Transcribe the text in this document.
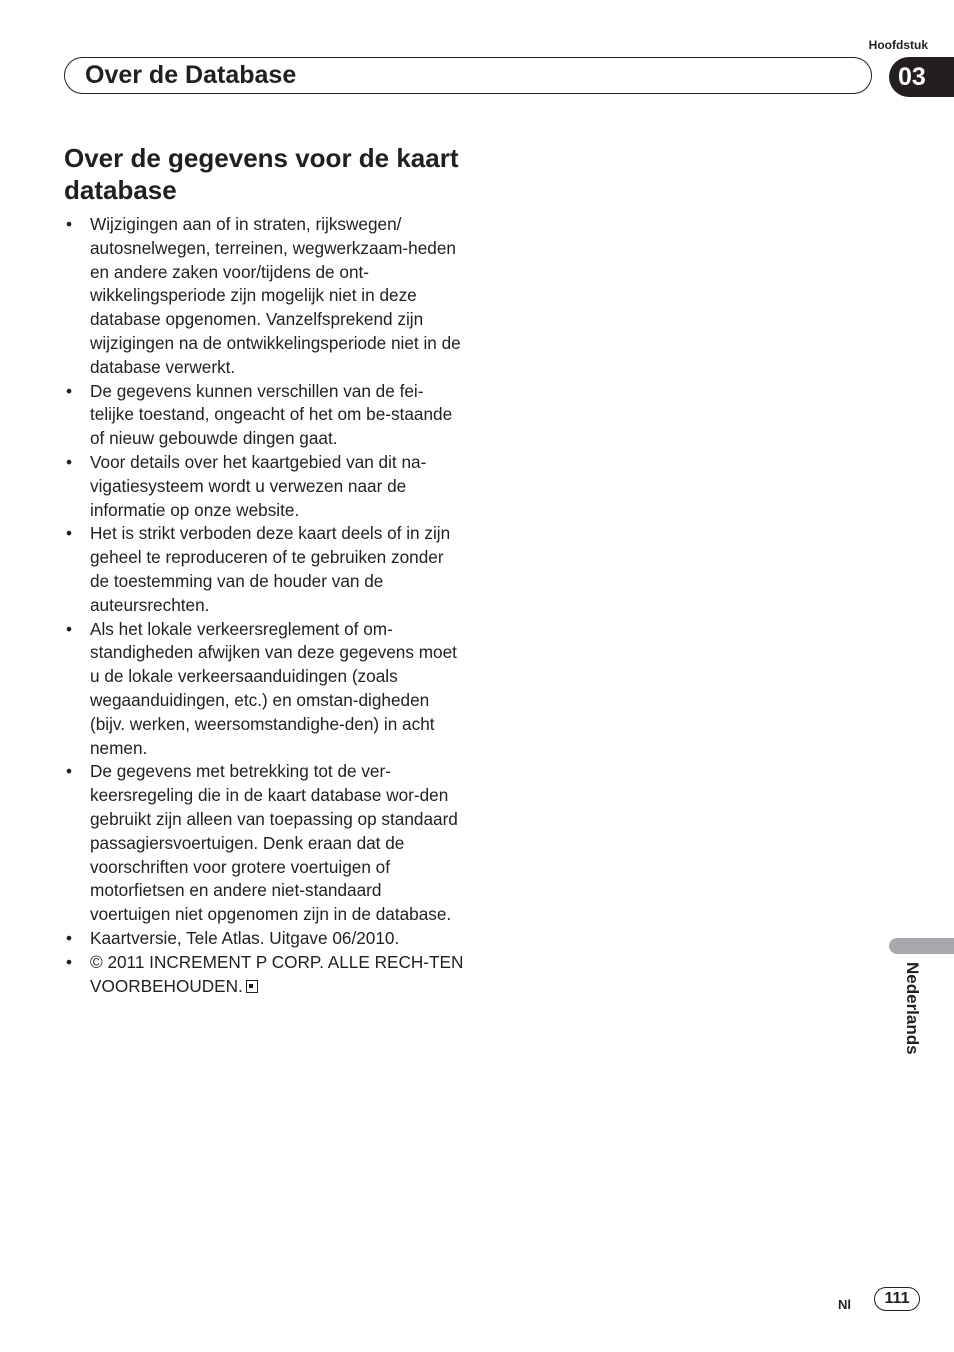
Hoofdstuk
Over de Database	03
Over de gegevens voor de kaart database
• Wijzigingen aan of in straten, rijkswegen/ autosnelwegen, terreinen, wegwerkzaam-heden en andere zaken voor/tijdens de ont-wikkelingsperiode zijn mogelijk niet in deze database opgenomen. Vanzelfsprekend zijn wijzigingen na de ontwikkelingsperiode niet in de database verwerkt.
• De gegevens kunnen verschillen van de fei-telijke toestand, ongeacht of het om be-staande of nieuw gebouwde dingen gaat.
• Voor details over het kaartgebied van dit na-vigatiesysteem wordt u verwezen naar de informatie op onze website.
• Het is strikt verboden deze kaart deels of in zijn geheel te reproduceren of te gebruiken zonder de toestemming van de houder van de auteursrechten.
• Als het lokale verkeersreglement of om-standigheden afwijken van deze gegevens moet u de lokale verkeersaanduidingen (zoals wegaanduidingen, etc.) en omstan-digheden (bijv. werken, weersomstandighe-den) in acht nemen.
• De gegevens met betrekking tot de ver-keersregeling die in de kaart database wor-den gebruikt zijn alleen van toepassing op standaard passagiersvoertuigen. Denk eraan dat de voorschriften voor grotere voertuigen of motorfietsen en andere niet-standaard voertuigen niet opgenomen zijn in de database.
• Kaartversie, Tele Atlas. Uitgave 06/2010.
• © 2011 INCREMENT P CORP. ALLE RECH-TEN VOORBEHOUDEN.	Nederlands
Nl	111
